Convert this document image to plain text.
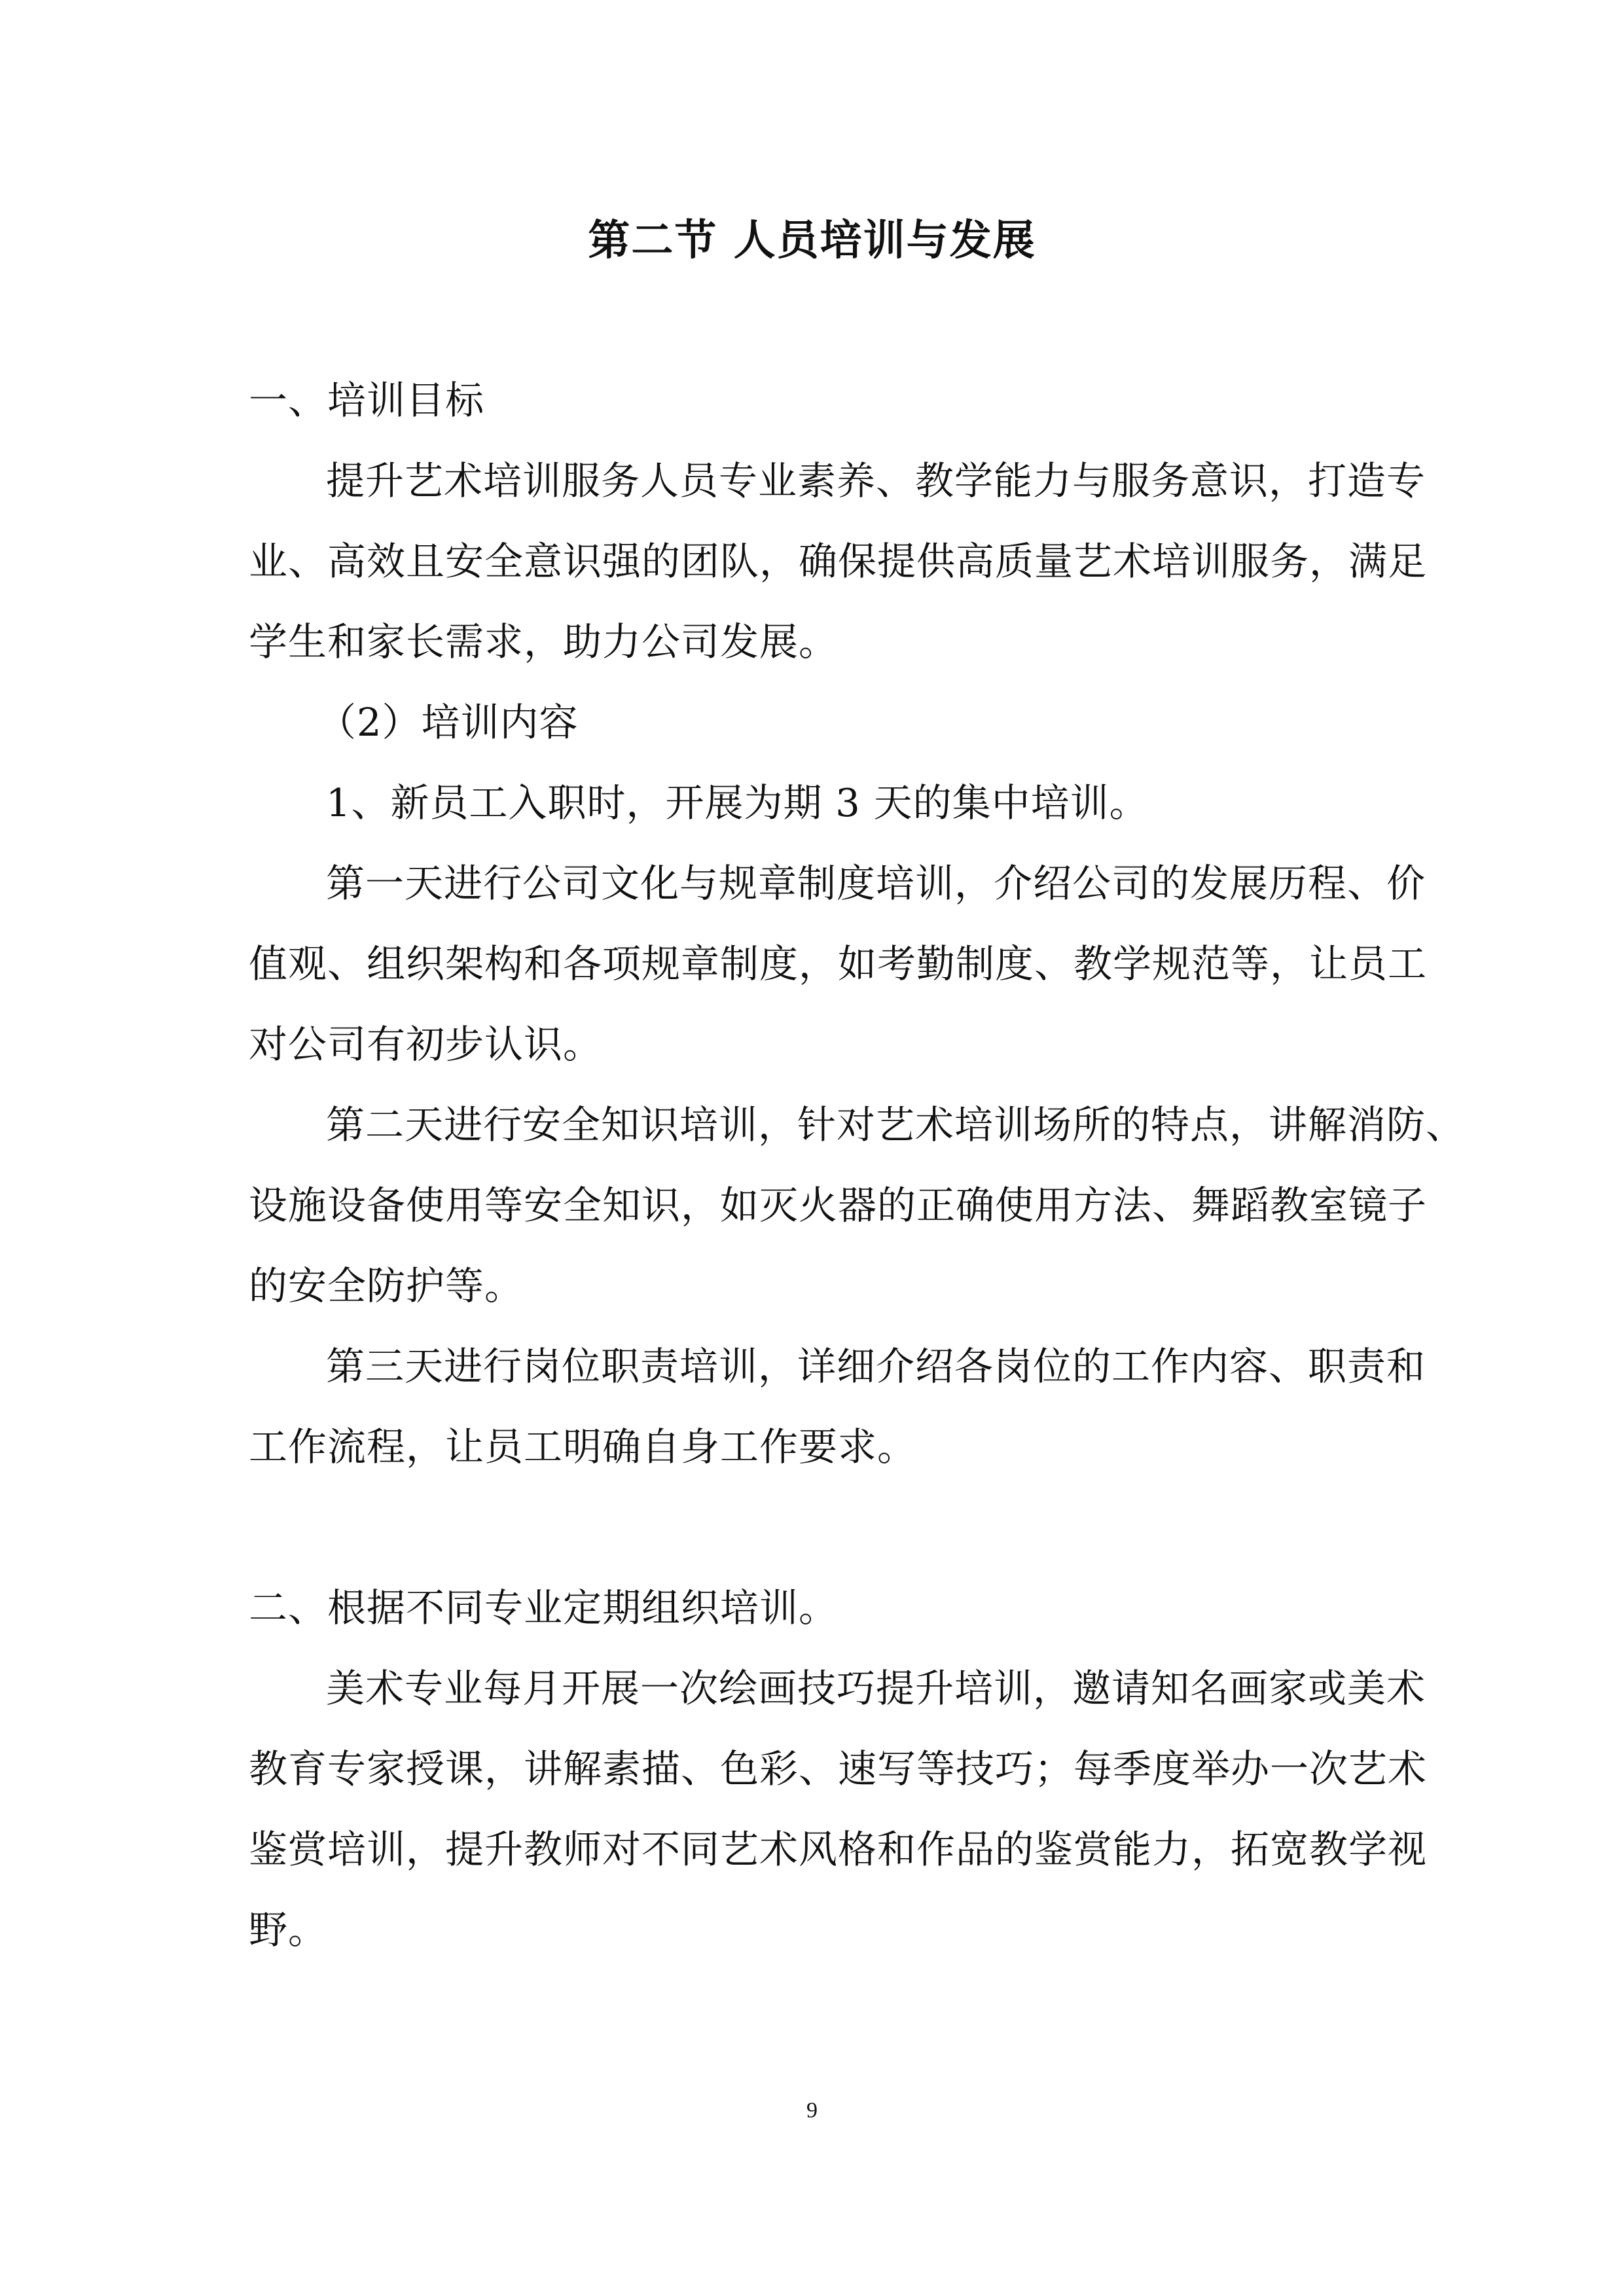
第二节 人员培训与发展
一、培训目标
提升艺术培训服务人员专业素养、教学能力与服务意识，打造专
业、高效且安全意识强的团队，确保提供高质量艺术培训服务，满足
学生和家长需求，助力公司发展。
（2）培训内容
1、新员工入职时，开展为期 3 天的集中培训。
第一天进行公司文化与规章制度培训，介绍公司的发展历程、价
值观、组织架构和各项规章制度，如考勤制度、教学规范等，让员工
对公司有初步认识。
第二天进行安全知识培训，针对艺术培训场所的特点，讲解消防、
设施设备使用等安全知识，如灭火器的正确使用方法、舞蹈教室镜子
的安全防护等。
第三天进行岗位职责培训，详细介绍各岗位的工作内容、职责和
工作流程，让员工明确自身工作要求。
二、根据不同专业定期组织培训。
美术专业每月开展一次绘画技巧提升培训，邀请知名画家或美术
教育专家授课，讲解素描、色彩、速写等技巧；每季度举办一次艺术
鉴赏培训，提升教师对不同艺术风格和作品的鉴赏能力，拓宽教学视
野。
9
